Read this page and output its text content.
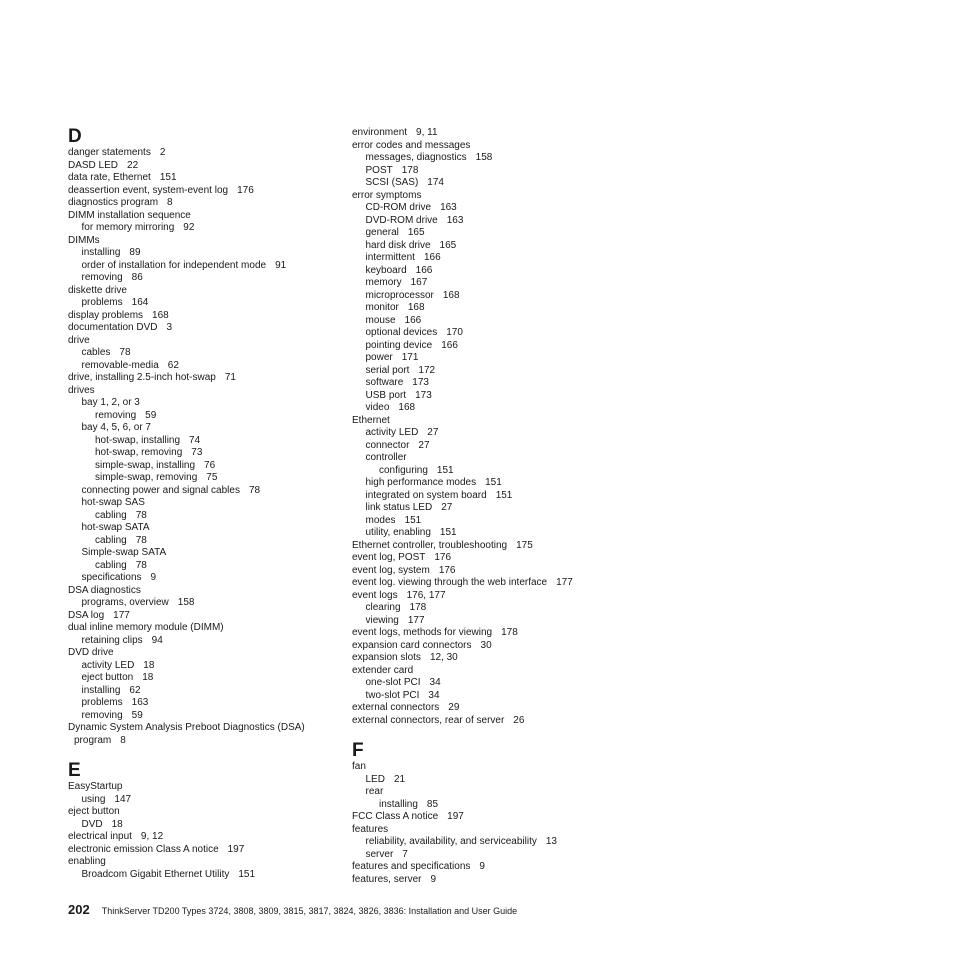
D
danger statements 2
DASD LED 22
data rate, Ethernet 151
deassertion event, system-event log 176
diagnostics program 8
DIMM installation sequence
for memory mirroring 92
DIMMs
installing 89
order of installation for independent mode 91
removing 86
diskette drive
problems 164
display problems 168
documentation DVD 3
drive
cables 78
removable-media 62
drive, installing 2.5-inch hot-swap 71
drives
bay 1, 2, or 3
removing 59
bay 4, 5, 6, or 7
hot-swap, installing 74
hot-swap, removing 73
simple-swap, installing 76
simple-swap, removing 75
connecting power and signal cables 78
hot-swap SAS
cabling 78
hot-swap SATA
cabling 78
Simple-swap SATA
cabling 78
specifications 9
DSA diagnostics
programs, overview 158
DSA log 177
dual inline memory module (DIMM)
retaining clips 94
DVD drive
activity LED 18
eject button 18
installing 62
problems 163
removing 59
Dynamic System Analysis Preboot Diagnostics (DSA)
program 8
E
EasyStartup
using 147
eject button
DVD 18
electrical input 9, 12
electronic emission Class A notice 197
enabling
Broadcom Gigabit Ethernet Utility 151
environment 9, 11
error codes and messages
messages, diagnostics 158
POST 178
SCSI (SAS) 174
error symptoms
CD-ROM drive 163
DVD-ROM drive 163
general 165
hard disk drive 165
intermittent 166
keyboard 166
memory 167
microprocessor 168
monitor 168
mouse 166
optional devices 170
pointing device 166
power 171
serial port 172
software 173
USB port 173
video 168
Ethernet
activity LED 27
connector 27
controller
configuring 151
high performance modes 151
integrated on system board 151
link status LED 27
modes 151
utility, enabling 151
Ethernet controller, troubleshooting 175
event log, POST 176
event log, system 176
event log. viewing through the web interface 177
event logs 176, 177
clearing 178
viewing 177
event logs, methods for viewing 178
expansion card connectors 30
expansion slots 12, 30
extender card
one-slot PCI 34
two-slot PCI 34
external connectors 29
external connectors, rear of server 26
F
fan
LED 21
rear
installing 85
FCC Class A notice 197
features
reliability, availability, and serviceability 13
server 7
features and specifications 9
features, server 9
202 ThinkServer TD200 Types 3724, 3808, 3809, 3815, 3817, 3824, 3826, 3836: Installation and User Guide
